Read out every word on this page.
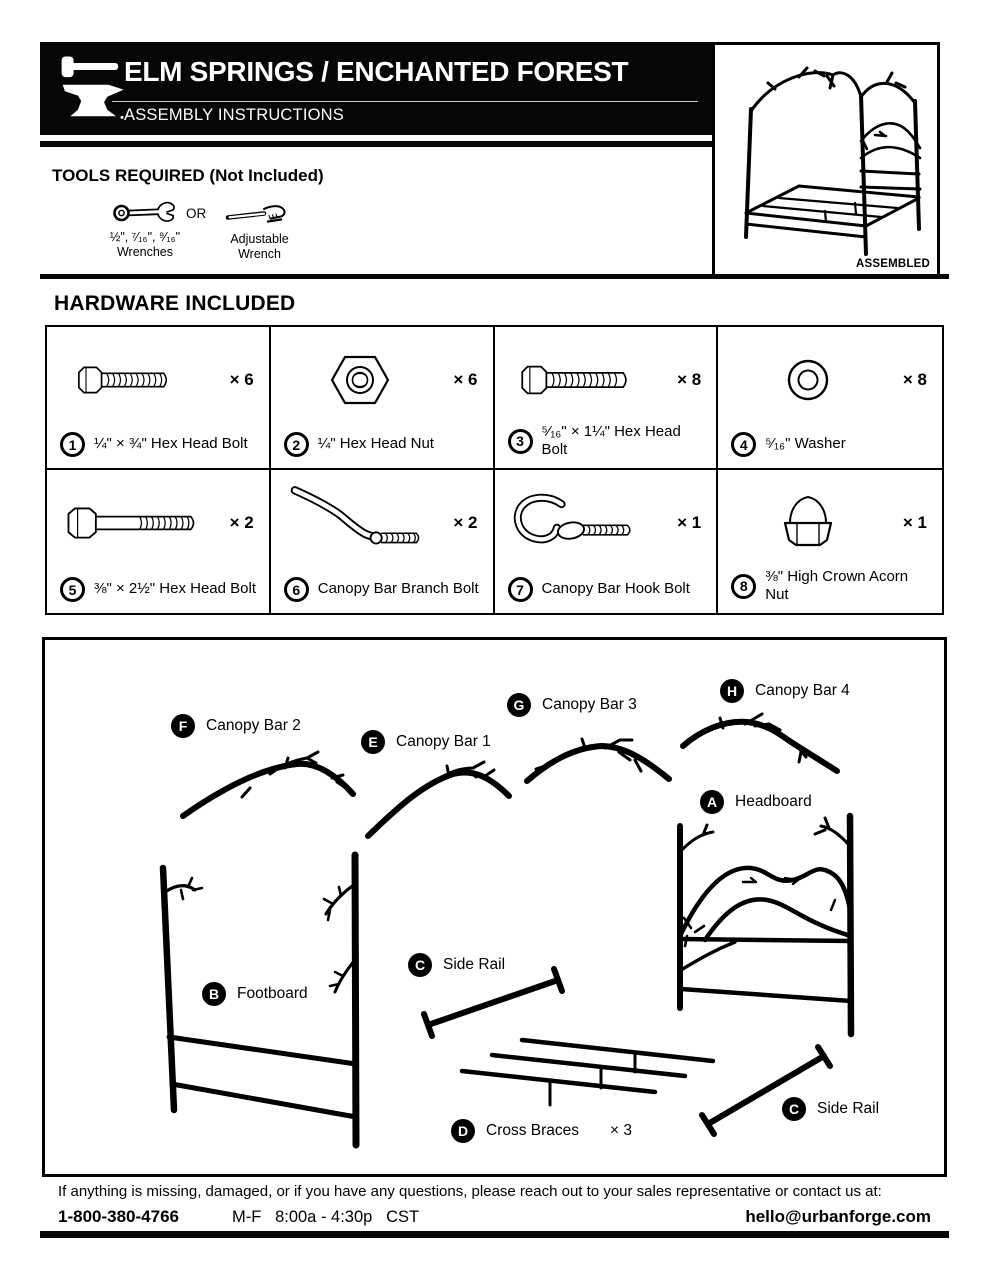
ELM SPRINGS / ENCHANTED FOREST
ASSEMBLY INSTRUCTIONS
ASSEMBLED
TOOLS REQUIRED (Not Included)
½", ⁷⁄₁₆", ⁹⁄₁₆"
Wrenches
OR
Adjustable
Wrench
HARDWARE INCLUDED
× 6
1	¼" × ¾" Hex Head Bolt
× 6
2	¼" Hex Head Nut
× 8
3
⁵⁄₁₆" × 1¼" Hex Head Bolt
× 8
4	⁵⁄₁₆" Washer
× 2
5	⅜" × 2½" Hex Head Bolt
× 2
6	Canopy Bar Branch Bolt
× 1
7	Canopy Bar Hook Bolt
× 1
8
⅜" High Crown Acorn Nut
F	Canopy Bar 2
E	Canopy Bar 1
G	Canopy Bar 3
H	Canopy Bar 4
A	Headboard
B	Footboard
C	Side Rail
D	Cross Braces × 3
C	Side Rail
If anything is missing, damaged, or if you have any questions, please reach out to your sales representative or contact us at:
1-800-380-4766	M-F   8:00a - 4:30p   CST	hello@urbanforge.com
